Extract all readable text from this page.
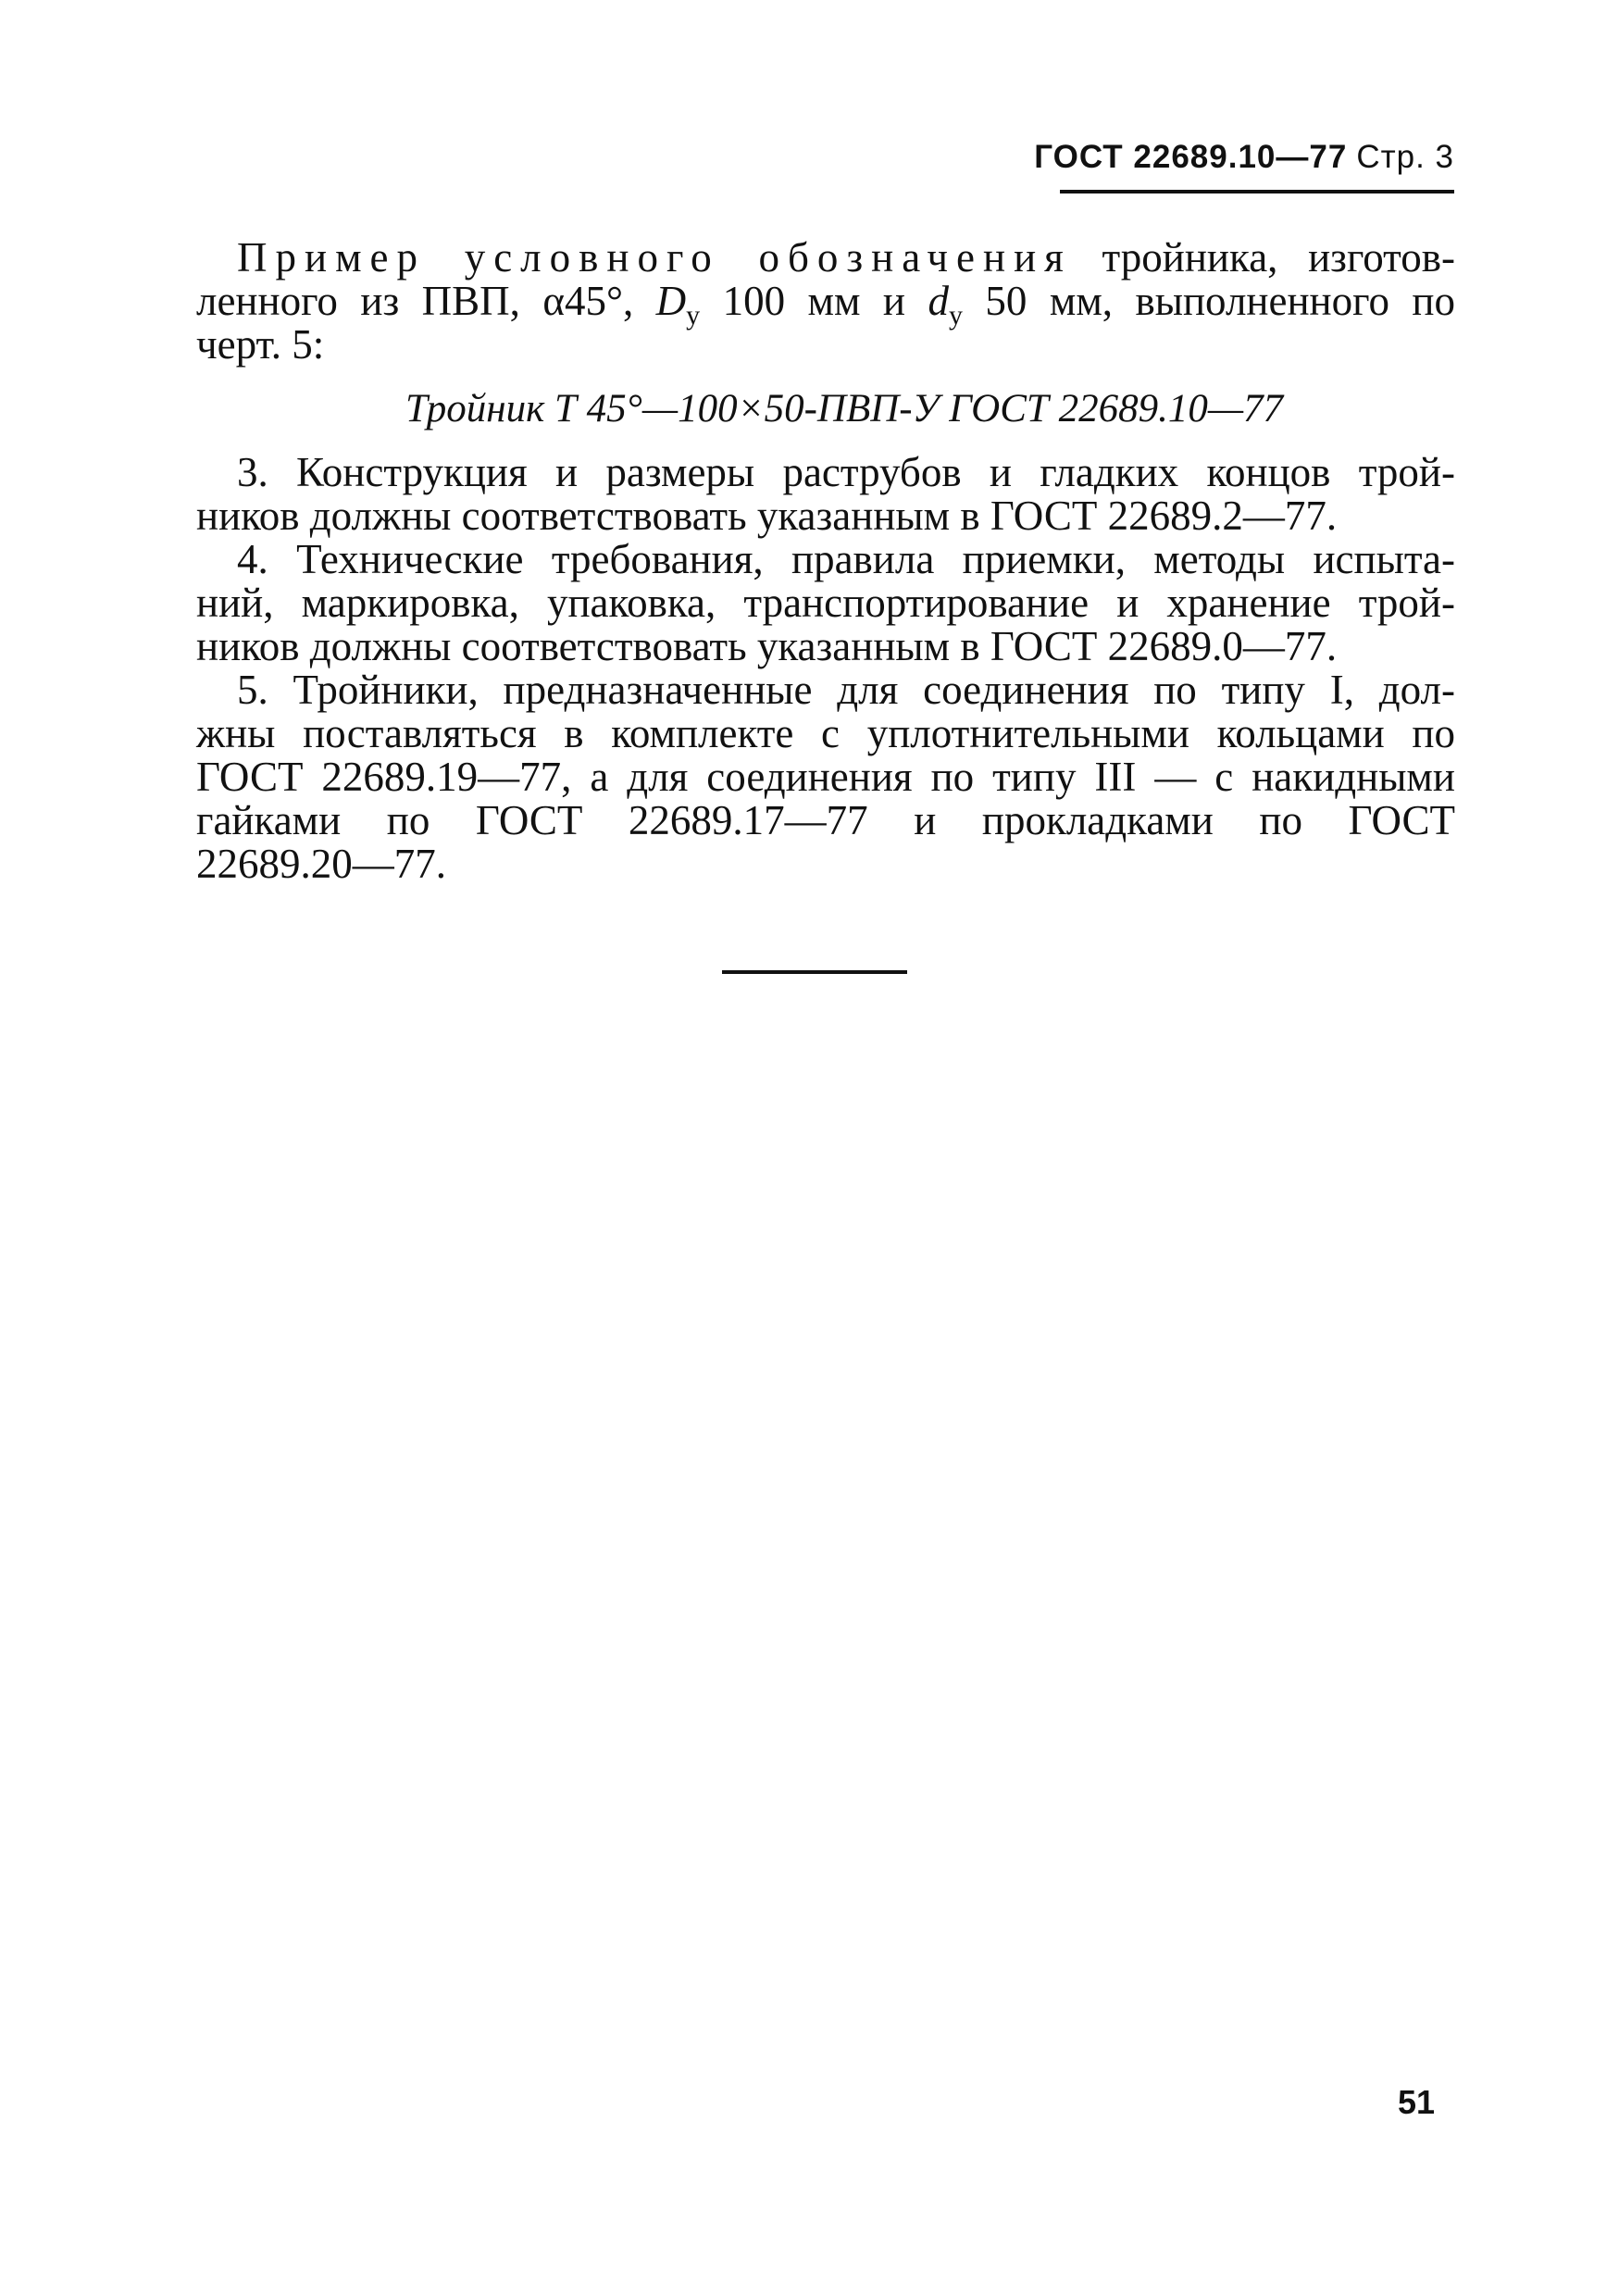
ГОСТ 22689.10—77 Стр. 3
Пример условного обозначения тройника, изготов-
ленного из ПВП, α45°, $D_y$ 100 мм и $d_y$ 50 мм, выполненного по
черт. 5:
Тройник Т 45°—100×50-ПВП-У ГОСТ 22689.10—77
3. Конструкция и размеры раструбов и гладких концов трой-
ников должны соответствовать указанным в ГОСТ 22689.2—77.
4. Технические требования, правила приемки, методы испыта-
ний, маркировка, упаковка, транспортирование и хранение трой-
ников должны соответствовать указанным в ГОСТ 22689.0—77.
5. Тройники, предназначенные для соединения по типу I, дол-
жны поставляться в комплекте с уплотнительными кольцами по
ГОСТ 22689.19—77, а для соединения по типу III — с накидными
гайками по ГОСТ 22689.17—77 и прокладками по ГОСТ
22689.20—77.
51
